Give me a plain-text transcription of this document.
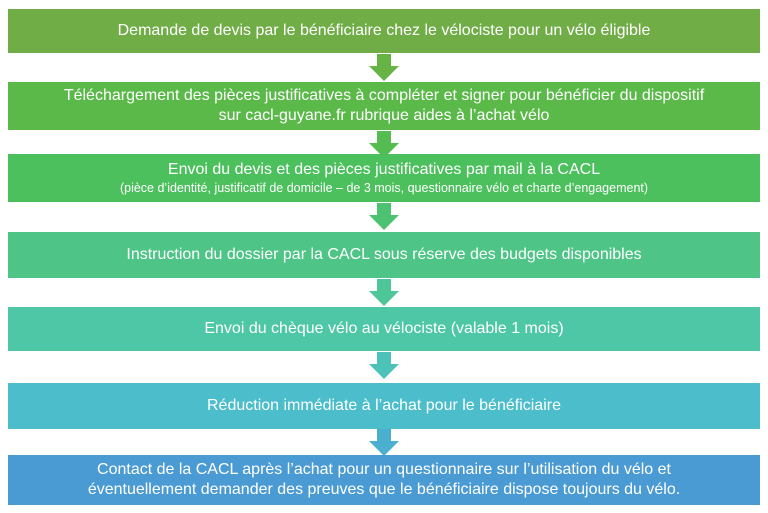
Demande de devis par le bénéficiaire chez le vélociste pour un vélo éligible
Téléchargement des pièces justificatives à compléter et signer pour bénéficier du dispositif
sur cacl-guyane.fr rubrique aides à l’achat vélo
Envoi du devis et des pièces justificatives par mail à la CACL
(pièce d’identité, justificatif de domicile – de 3 mois, questionnaire vélo et charte d’engagement)
Instruction du dossier par la CACL sous réserve des budgets disponibles
Envoi du chèque vélo au vélociste (valable 1 mois)
Réduction immédiate à l’achat pour le bénéficiaire
Contact de la CACL après l’achat pour un questionnaire sur l’utilisation du vélo et
éventuellement demander des preuves que le bénéficiaire dispose toujours du vélo.
